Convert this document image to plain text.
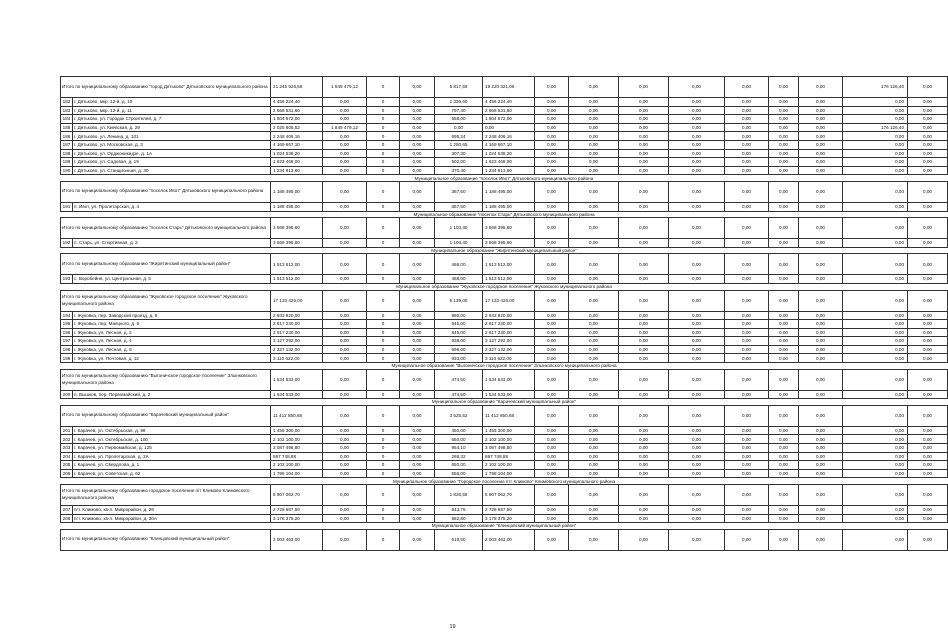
Итого по муниципальному образованию "город Дятьково" Дятьковского муниципального района		21 245 926,58	1 849 479,12	0	0,00	5 817,59	19 220 321,06	0,00	0,00	0,00	0,00	0,00	0,00	0,00	176 126,40	0,00
182	г. Дятьково, мкр. 12-й, д. 10	4 456 224,40	0,00	0	0,00	1 336,60	4 456 224,40	0,00	0,00	0,00	0,00	0,00	0,00	0,00	0,00	0,00
183	г. Дятьково, мкр. 12-й, д. 11	2 668 531,60	0,00	0	0,00	797,40	2 668 531,60	0,00	0,00	0,00	0,00	0,00	0,00	0,00	0,00	0,00
184	г. Дятьково, ул. Городок Строителей, д. 7	1 804 572,00	0,00	0	0,00	658,00	1 804 572,00	0,00	0,00	0,00	0,00	0,00	0,00	0,00	0,00	0,00
185	г. Дятьково, ул. Киевская, д. 29	2 025 605,52	1 849 479,12	0	0,00	0,00	0,00	0,00	0,00	0,00	0,00	0,00	0,00	0,00	176 126,40	0,00
186	г. Дятьково, ул. Ленина, д. 131	2 248 406,16	0,00	0	0,00	695,24	2 248 406,16	0,00	0,00	0,00	0,00	0,00	0,00	0,00	0,00	0,00
187	г. Дятьково, ул. Московская, д. 3	4 169 667,10	0,00	0	0,00	1 250,65	4 169 667,10	0,00	0,00	0,00	0,00	0,00	0,00	0,00	0,00	0,00
188	г. Дятьково, ул. Орджоникидзе, д. 1А	1 024 538,20	0,00	0	0,00	307,30	1 024 538,20	0,00	0,00	0,00	0,00	0,00	0,00	0,00	0,00	0,00
189	г. Дятьково, ул. Садовая, д. 19	1 623 468,00	0,00	0	0,00	502,00	1 623 468,00	0,00	0,00	0,00	0,00	0,00	0,00	0,00	0,00	0,00
190	г. Дятьково, ул. Станционная, д. 30	1 234 913,60	0,00	0	0,00	370,40	1 234 913,60	0,00	0,00	0,00	0,00	0,00	0,00	0,00	0,00	0,00
Муниципальное образование "поселок Ивот" Дятьковского муниципального района																
Итого по муниципальному образованию "поселок Ивот" Дятьковского муниципального района		1 188 495,00	0,00	0	0,00	367,50	1 188 495,00	0,00	0,00	0,00	0,00	0,00	0,00	0,00	0,00	0,00
191	п. Ивот, ул. Пролетарская, д. 4	1 188 495,00	0,00	0	0,00	367,50	1 188 495,00	0,00	0,00	0,00	0,00	0,00	0,00	0,00	0,00	0,00
Муниципальное образование "поселок Старь" Дятьковского муниципального района																
Итого по муниципальному образованию "поселок Старь" Дятьковского муниципального района		3 568 395,60	0,00	0	0,00	1 103,40	3 568 395,60	0,00	0,00	0,00	0,00	0,00	0,00	0,00	0,00	0,00
192	п. Старь, ул. Спортивная, д. 2	3 568 395,60	0,00	0	0,00	1 103,40	3 568 395,60	0,00	0,00	0,00	0,00	0,00	0,00	0,00	0,00	0,00
Муниципальное образование "Жирятинский муниципальный район"																
Итого по муниципальному образованию "Жирятинский муниципальный район"		1 513 512,00	0,00	0	0,00	468,00	1 513 512,00	0,00	0,00	0,00	0,00	0,00	0,00	0,00	0,00	0,00
193	с. Воробейня, ул. Центральная, д. 5	1 513 512,00	0,00	0	0,00	468,00	1 513 512,00	0,00	0,00	0,00	0,00	0,00	0,00	0,00	0,00	0,00
Муниципальное образование "Жуковское городское поселение" Жуковского муниципального района																
Итого по муниципальному образованию "Жуковское городское поселение" Жуковского муниципального района		17 133 426,00	0,00	0	0,00	5 139,00	17 133 426,00	0,00	0,00	0,00	0,00	0,00	0,00	0,00	0,00	0,00
194	г. Жуковка, пер. Заводской проезд, д. 6	2 933 920,00	0,00	0	0,00	880,00	2 933 920,00	0,00	0,00	0,00	0,00	0,00	0,00	0,00	0,00	0,00
195	г. Жуковка, пер. Маяцкого, д. 5	2 817 230,00	0,00	0	0,00	845,00	2 817 230,00	0,00	0,00	0,00	0,00	0,00	0,00	0,00	0,00	0,00
196	г. Жуковка, ул. Лесная, д. 2	2 817 230,00	0,00	0	0,00	845,00	2 817 230,00	0,00	0,00	0,00	0,00	0,00	0,00	0,00	0,00	0,00
197	г. Жуковка, ул. Лесная, д. 4	3 127 292,00	0,00	0	0,00	938,00	3 127 292,00	0,00	0,00	0,00	0,00	0,00	0,00	0,00	0,00	0,00
198	г. Жуковка, ул. Лесная, д. 6	2 327 132,00	0,00	0	0,00	698,00	2 327 132,00	0,00	0,00	0,00	0,00	0,00	0,00	0,00	0,00	0,00
199	г. Жуковка, ул. Почтовая, д. 12	3 110 622,00	0,00	0	0,00	933,00	3 110 622,00	0,00	0,00	0,00	0,00	0,00	0,00	0,00	0,00	0,00
Муниципальное образование "Выгоничское городское поселение" Злынковского муниципального района																
Итого по муниципальному образованию "Выгоничское городское поселение" Злынковского муниципального района		1 534 533,00	0,00	0	0,00	474,50	1 534 533,00	0,00	0,00	0,00	0,00	0,00	0,00	0,00	0,00	0,00
200	п. Вышков, пер. Первомайский, д. 2	1 534 533,00	0,00	0	0,00	474,50	1 534 533,00	0,00	0,00	0,00	0,00	0,00	0,00	0,00	0,00	0,00
Муниципальное образование "Карачевский муниципальный район"																
Итого по муниципальному образованию "Карачевский муниципальный район"		11 412 850,68	0,00	0	0,00	3 525,52	11 412 850,68	0,00	0,00	0,00	0,00	0,00	0,00	0,00	0,00	0,00
201	г. Карачев, ул. Октябрьская, д. 96	1 455 300,00	0,00	0	0,00	450,00	1 455 300,00	0,00	0,00	0,00	0,00	0,00	0,00	0,00	0,00	0,00
202	г. Карачев, ул. Октябрьская, д. 100	2 102 100,00	0,00	0	0,00	650,00	2 102 100,00	0,00	0,00	0,00	0,00	0,00	0,00	0,00	0,00	0,00
203	г. Карачев, ул. Первомайская, д. 125	3 087 498,80	0,00	0	0,00	954,10	3 087 498,80	0,00	0,00	0,00	0,00	0,00	0,00	0,00	0,00	0,00
204	г. Карачев, ул. Пролетарская, д. 2А	867 748,88	0,00	0	0,00	268,32	867 748,88	0,00	0,00	0,00	0,00	0,00	0,00	0,00	0,00	0,00
205	г. Карачев, ул. Свердлова, д. 1	2 102 100,00	0,00	0	0,00	650,00	2 102 100,00	0,00	0,00	0,00	0,00	0,00	0,00	0,00	0,00	0,00
206	г. Карачев, ул. Советская, д. 62	1 798 104,00	0,00	0	0,00	556,00	1 798 104,00	0,00	0,00	0,00	0,00	0,00	0,00	0,00	0,00	0,00
Муниципальное образование "Городское поселение птг Климово" Климовского муниципального района																
Итого по муниципальному образованию городское поселение п/т Климово Климовского муниципального района		5 907 062,70	0,00	0	0,00	1 826,55	5 907 062,70	0,00	0,00	0,00	0,00	0,00	0,00	0,00	0,00	0,00
207	пгт. Климово, кв-л. Микрорайон, д. 29	2 728 687,50	0,00	0	0,00	843,75	2 728 687,50	0,00	0,00	0,00	0,00	0,00	0,00	0,00	0,00	0,00
208	пгт. Климово, кв-л. Микрорайон, д. 30А	3 178 375,20	0,00	0	0,00	982,80	3 178 375,20	0,00	0,00	0,00	0,00	0,00	0,00	0,00	0,00	0,00
Муниципальное образование "Клинцовский муниципальный район"																
Итого по муниципальному образованию "Клинцовский муниципальный район"		2 003 463,00	0,00	0	0,00	619,50	2 003 463,00	0,00	0,00	0,00	0,00	0,00	0,00	0,00	0,00	0,00
19
